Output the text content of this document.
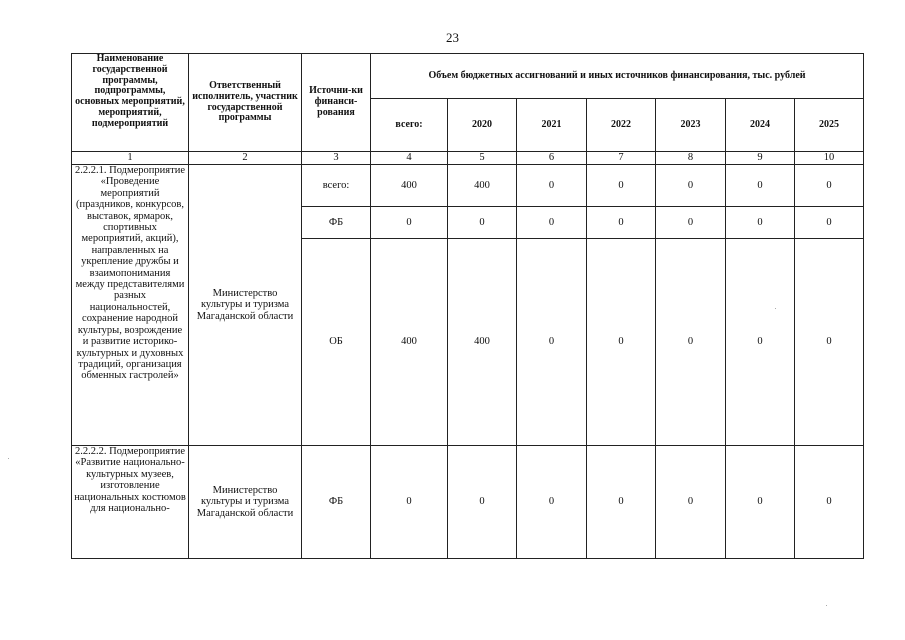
23
Наименование государственной программы, подпрограммы, основных мероприятий, мероприятий, подмероприятий	Ответственный исполнитель, участник государственной программы	Источни-ки финанси-рования	Объем бюджетных ассигнований и иных источников финансирования, тыс. рублей						
			всего:	2020	2021	2022	2023	2024	2025
1	2	3	4	5	6	7	8	9	10
2.2.2.1. Подмероприятие «Проведение мероприятий (праздников, конкурсов, выставок, ярмарок, спортивных мероприятий, акций), направленных на укрепление дружбы и взаимопонимания между представителями разных национальностей, сохранение народной культуры, возрождение и развитие историко-культурных и духовных традиций, организация обменных гастролей»	Министерство культуры и туризма Магаданской области	всего:	400	400	0	0	0	0	0
		ФБ	0	0	0	0	0	0	0
		ОБ	400	400	0	0	0	0	0
2.2.2.2. Подмероприятие «Развитие национально-культурных музеев, изготовление национальных костюмов для национально-	Министерство культуры и туризма Магаданской области	ФБ	0	0	0	0	0	0	0
